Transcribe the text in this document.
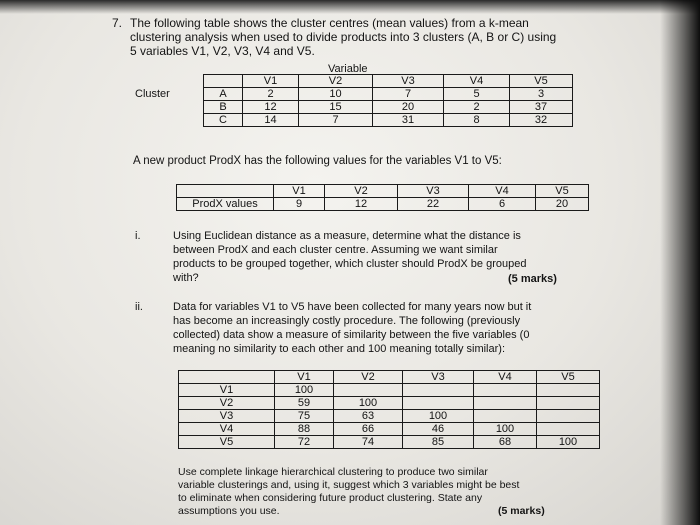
7. The following table shows the cluster centres (mean values) from a k-mean
clustering analysis when used to divide products into 3 clusters (A, B or C) using
5 variables V1, V2, V3, V4 and V5.
Variable
		V1	V2	V3	V4	V5
Cluster	A	2	10	7	5	3
	B	12	15	20	2	37
	C	14	7	31	8	32
A new product ProdX has the following values for the variables V1 to V5:
	V1	V2	V3	V4	V5
ProdX values	9	12	22	6	20
i.	Using Euclidean distance as a measure, determine what the distance is
between ProdX and each cluster centre. Assuming we want similar
products to be grouped together, which cluster should ProdX be grouped
with?	(5 marks)
ii.	Data for variables V1 to V5 have been collected for many years now but it
has become an increasingly costly procedure. The following (previously
collected) data show a measure of similarity between the five variables (0
meaning no similarity to each other and 100 meaning totally similar):
	V1	V2	V3	V4	V5
V1	100				
V2	59	100			
V3	75	63	100		
V4	88	66	46	100	
V5	72	74	85	68	100
Use complete linkage hierarchical clustering to produce two similar
variable clusterings and, using it, suggest which 3 variables might be best
to eliminate when considering future product clustering. State any
assumptions you use.	(5 marks)
